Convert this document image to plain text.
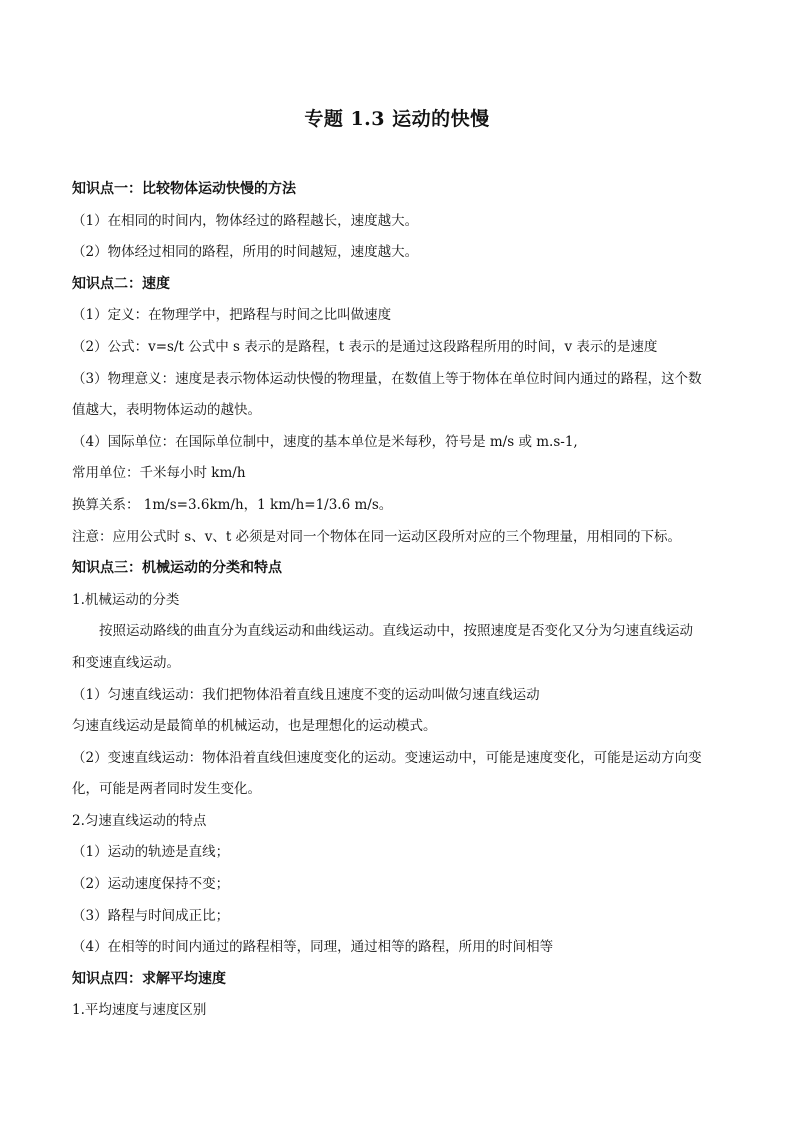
专题 1.3 运动的快慢

知识点一：比较物体运动快慢的方法

（1）在相同的时间内，物体经过的路程越长，速度越大。

（2）物体经过相同的路程，所用的时间越短，速度越大。

知识点二：速度

（1）定义：在物理学中，把路程与时间之比叫做速度

（2）公式：v=s/t 公式中 s 表示的是路程，t 表示的是通过这段路程所用的时间，v 表示的是速度

（3）物理意义：速度是表示物体运动快慢的物理量，在数值上等于物体在单位时间内通过的路程，这个数

值越大，表明物体运动的越快。

（4）国际单位：在国际单位制中，速度的基本单位是米每秒，符号是 m/s 或 m.s-1,

常用单位：千米每小时 km/h

换算关系： 1m/s=3.6km/h，1 km/h=1/3.6 m/s。

注意：应用公式时 s、v、t 必须是对同一个物体在同一运动区段所对应的三个物理量，用相同的下标。

知识点三：机械运动的分类和特点

1.机械运动的分类

按照运动路线的曲直分为直线运动和曲线运动。直线运动中，按照速度是否变化又分为匀速直线运动

和变速直线运动。

（1）匀速直线运动：我们把物体沿着直线且速度不变的运动叫做匀速直线运动

匀速直线运动是最简单的机械运动，也是理想化的运动模式。

（2）变速直线运动：物体沿着直线但速度变化的运动。变速运动中，可能是速度变化，可能是运动方向变

化，可能是两者同时发生变化。

2.匀速直线运动的特点

（1）运动的轨迹是直线；

（2）运动速度保持不变；

（3）路程与时间成正比；

（4）在相等的时间内通过的路程相等，同理，通过相等的路程，所用的时间相等

知识点四：求解平均速度

1.平均速度与速度区别
